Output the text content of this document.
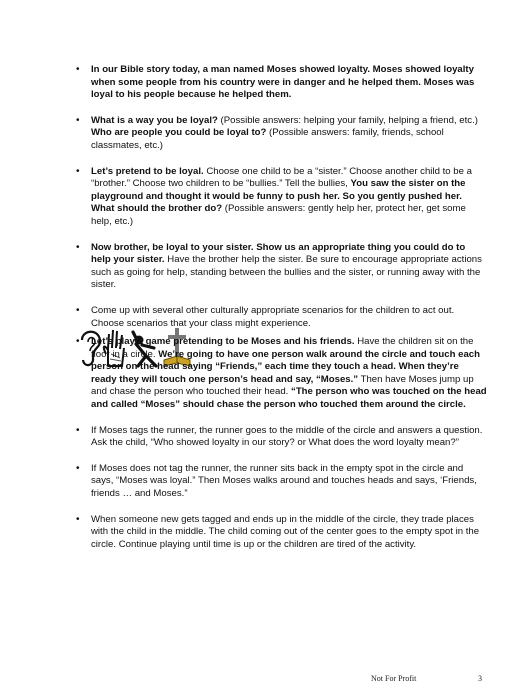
• In our Bible story today, a man named Moses showed loyalty. Moses showed loyalty when some people from his country were in danger and he helped them. Moses was loyal to his people because he helped them.
• What is a way you be loyal? (Possible answers: helping your family, helping a friend, etc.) Who are people you could be loyal to? (Possible answers: family, friends, school classmates, etc.)
• Let’s pretend to be loyal. Choose one child to be a “sister.” Choose another child to be a “brother.” Choose two children to be “bullies.” Tell the bullies, You saw the sister on the playground and thought it would be funny to push her. So you gently pushed her. What should the brother do? (Possible answers: gently help her, protect her, get some help, etc.)
• Now brother, be loyal to your sister. Show us an appropriate thing you could do to help your sister. Have the brother help the sister. Be sure to encourage appropriate actions such as going for help, standing between the bullies and the sister, or running away with the sister.
• Come up with several other culturally appropriate scenarios for the children to act out. Choose scenarios that your class might experience.
• Let’s play a game pretending to be Moses and his friends. Have the children sit on the floor in a circle. We’re going to have one person walk around the circle and touch each person on the head saying “Friends,” each time they touch a head. When they’re ready they will touch one person’s head and say, “Moses.” Then have Moses jump up and chase the person who touched their head. “The person who was touched on the head and called “Moses” should chase the person who touched them around the circle.
• If Moses tags the runner, the runner goes to the middle of the circle and answers a question. Ask the child, “Who showed loyalty in our story? or What does the word loyalty mean?”
• If Moses does not tag the runner, the runner sits back in the empty spot in the circle and says, “Moses was loyal.” Then Moses walks around and touches heads and says, ‘Friends, friends … and Moses.”
• When someone new gets tagged and ends up in the middle of the circle, they trade places with the child in the middle. The child coming out of the center goes to the empty spot in the circle. Continue playing until time is up or the children are tired of the activity.
Not For Profit	3
